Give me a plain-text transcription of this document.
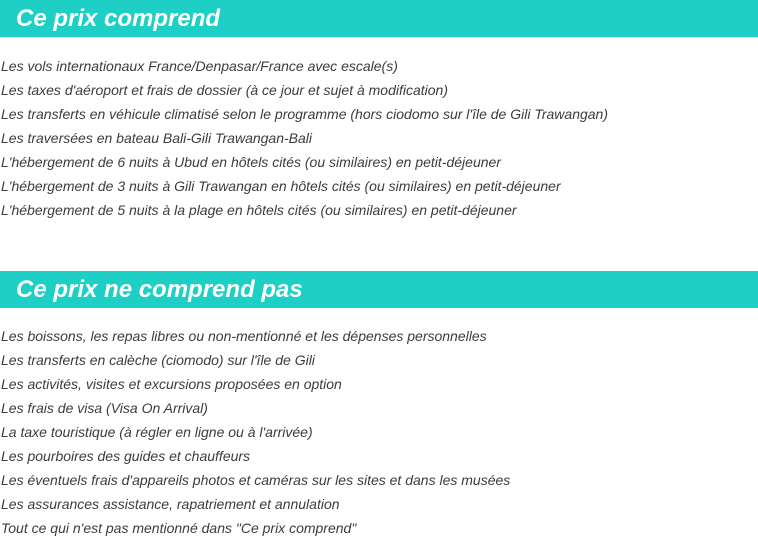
Ce prix comprend
Les vols internationaux France/Denpasar/France avec escale(s)
Les taxes d'aéroport et frais de dossier (à ce jour et sujet à modification)
Les transferts en véhicule climatisé selon le programme (hors ciodomo sur l'île de Gili Trawangan)
Les traversées en bateau Bali-Gili Trawangan-Bali
L'hébergement de 6 nuits à Ubud en hôtels cités (ou similaires) en petit-déjeuner
L'hébergement de 3 nuits à Gili Trawangan en hôtels cités (ou similaires) en petit-déjeuner
L'hébergement de 5 nuits à la plage en hôtels cités (ou similaires) en petit-déjeuner
Ce prix ne comprend pas
Les boissons, les repas libres ou non-mentionné et les dépenses personnelles
Les transferts en calèche (ciomodo) sur l'île de Gili
Les activités, visites et excursions proposées en option
Les frais de visa (Visa On Arrival)
La taxe touristique (à régler en ligne ou à l'arrivée)
Les pourboires des guides et chauffeurs
Les éventuels frais d'appareils photos et caméras sur les sites et dans les musées
Les assurances assistance, rapatriement et annulation
Tout ce qui n'est pas mentionné dans "Ce prix comprend"
